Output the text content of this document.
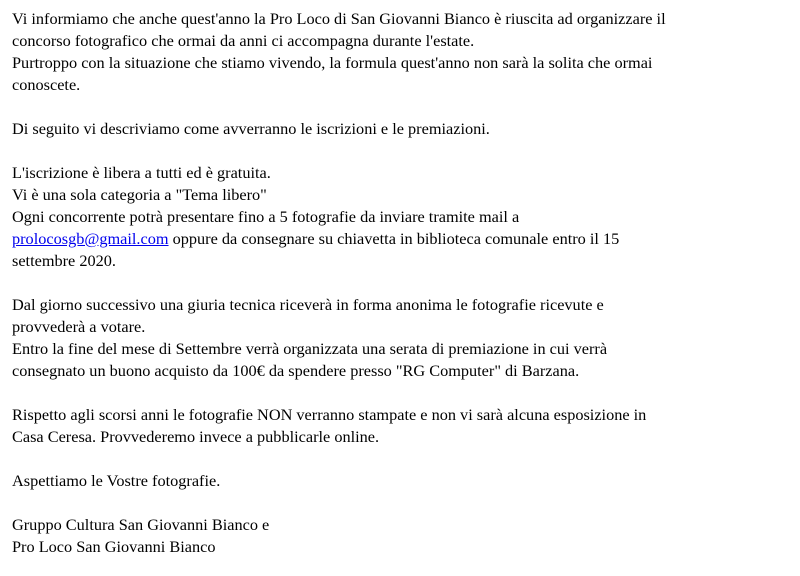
Vi informiamo che anche quest'anno la Pro Loco di San Giovanni Bianco è riuscita ad organizzare il
concorso fotografico che ormai da anni ci accompagna durante l'estate.
Purtroppo con la situazione che stiamo vivendo, la formula quest'anno non sarà la solita che ormai
conoscete.

Di seguito vi descriviamo come avverranno le iscrizioni e le premiazioni.

L'iscrizione è libera a tutti ed è gratuita.
Vi è una sola categoria a "Tema libero"
Ogni concorrente potrà presentare fino a 5 fotografie da inviare tramite mail a
prolocosgb@gmail.com oppure da consegnare su chiavetta in biblioteca comunale entro il 15
settembre 2020.

Dal giorno successivo una giuria tecnica riceverà in forma anonima le fotografie ricevute e
provvederà a votare.
Entro la fine del mese di Settembre verrà organizzata una serata di premiazione in cui verrà
consegnato un buono acquisto da 100€ da spendere presso "RG Computer" di Barzana.

Rispetto agli scorsi anni le fotografie NON verranno stampate e non vi sarà alcuna esposizione in
Casa Ceresa. Provvederemo invece a pubblicarle online.

Aspettiamo le Vostre fotografie.

Gruppo Cultura San Giovanni Bianco e
Pro Loco San Giovanni Bianco
